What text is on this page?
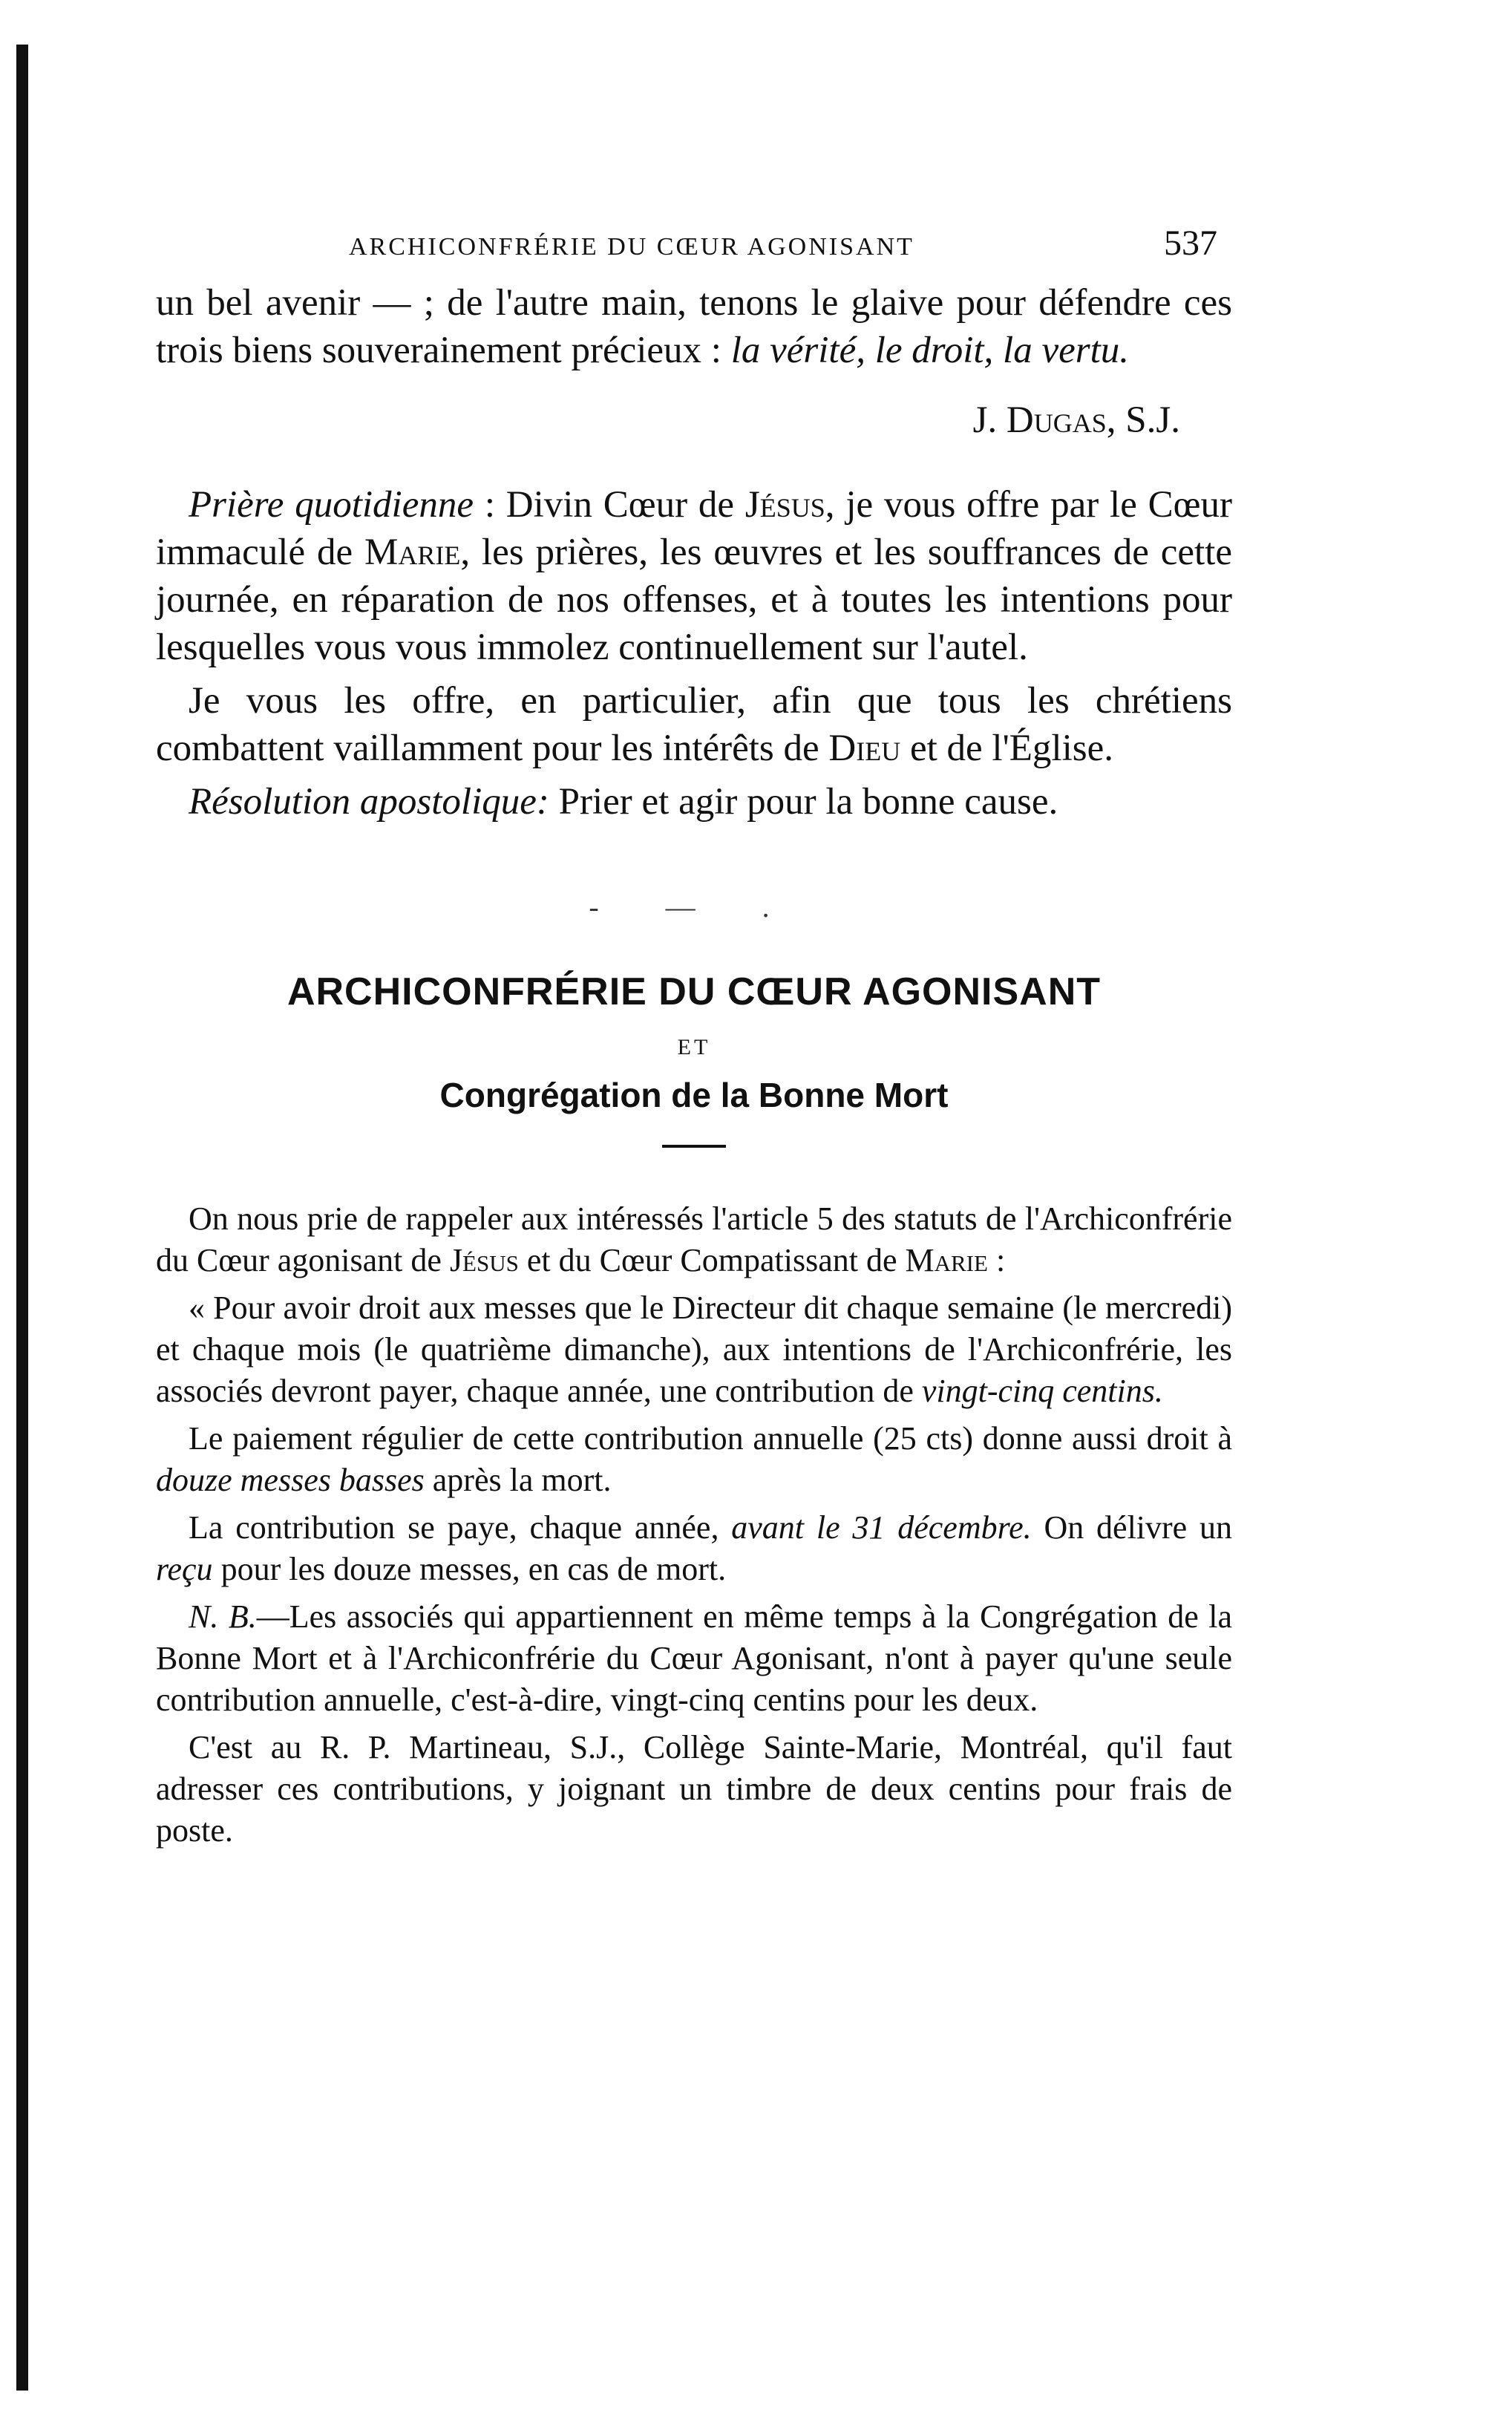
ARCHICONFRÉRIE DU CŒUR AGONISANT	537

un bel avenir — ; de l'autre main, tenons le glaive pour défendre ces trois biens souverainement précieux : la vérité, le droit, la vertu.

J. Dugas, S.J.

Prière quotidienne : Divin Cœur de Jésus, je vous offre par le Cœur immaculé de Marie, les prières, les œuvres et les souffrances de cette journée, en réparation de nos offenses, et à toutes les intentions pour lesquelles vous vous immolez continuellement sur l'autel.

Je vous les offre, en particulier, afin que tous les chrétiens combattent vaillamment pour les intérêts de Dieu et de l'Église.

Résolution apostolique: Prier et agir pour la bonne cause.

- — .
ARCHICONFRÉRIE DU CŒUR AGONISANT
ET
Congrégation de la Bonne Mort

On nous prie de rappeler aux intéressés l'article 5 des statuts de l'Archiconfrérie du Cœur agonisant de Jésus et du Cœur Compatissant de Marie :

« Pour avoir droit aux messes que le Directeur dit chaque semaine (le mercredi) et chaque mois (le quatrième dimanche), aux intentions de l'Archiconfrérie, les associés devront payer, chaque année, une contribution de vingt-cinq centins.

Le paiement régulier de cette contribution annuelle (25 cts) donne aussi droit à douze messes basses après la mort.

La contribution se paye, chaque année, avant le 31 décembre. On délivre un reçu pour les douze messes, en cas de mort.

N. B.—Les associés qui appartiennent en même temps à la Congrégation de la Bonne Mort et à l'Archiconfrérie du Cœur Agonisant, n'ont à payer qu'une seule contribution annuelle, c'est-à-dire, vingt-cinq centins pour les deux.

C'est au R. P. Martineau, S.J., Collège Sainte-Marie, Montréal, qu'il faut adresser ces contributions, y joignant un timbre de deux centins pour frais de poste.
